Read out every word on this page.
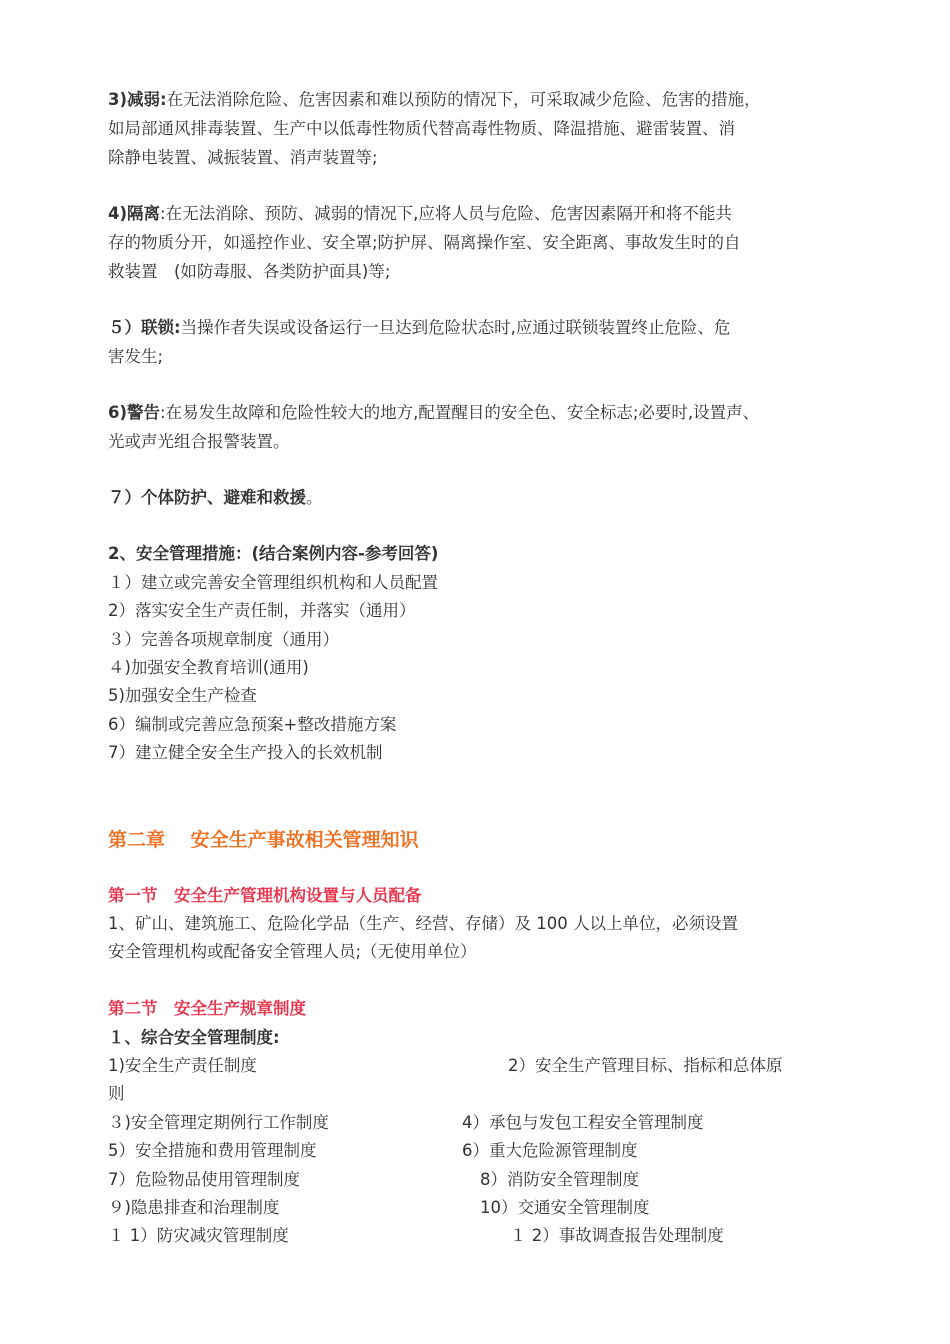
3)减弱:在无法消除危险、危害因素和难以预防的情况下，可采取减少危险、危害的措施，
如局部通风排毒装置、生产中以低毒性物质代替高毒性物质、降温措施、避雷装置、消
除静电装置、减振装置、消声装置等;
4)隔离:在无法消除、预防、减弱的情况下,应将人员与危险、危害因素隔开和将不能共
存的物质分开，如遥控作业、安全罩;防护屏、隔离操作室、安全距离、事故发生时的自
救装置　(如防毒服、各类防护面具)等;
５）联锁:当操作者失误或设备运行一旦达到危险状态时,应通过联锁装置终止危险、危
害发生;
6)警告:在易发生故障和危险性较大的地方,配置醒目的安全色、安全标志;必要时,设置声、
光或声光组合报警装置。
７）个体防护、避难和救援。
2、安全管理措施：(结合案例内容-参考回答)
１）建立或完善安全管理组织机构和人员配置
2）落实安全生产责任制，并落实（通用）
３）完善各项规章制度（通用）
４)加强安全教育培训(通用)
5)加强安全生产检查
6）编制或完善应急预案+整改措施方案
7）建立健全安全生产投入的长效机制
第二章　 安全生产事故相关管理知识
第一节　安全生产管理机构设置与人员配备
1、矿山、建筑施工、危险化学品（生产、经营、存储）及 100 人以上单位，必须设置
安全管理机构或配备安全管理人员;（无使用单位）
第二节　安全生产规章制度
１、综合安全管理制度:
1)安全生产责任制度	2）安全生产管理目标、指标和总体原
则
３)安全管理定期例行工作制度	4）承包与发包工程安全管理制度
5）安全措施和费用管理制度	6）重大危险源管理制度
7）危险物品使用管理制度	8）消防安全管理制度
９)隐患排查和治理制度	10）交通安全管理制度
１ 1）防灾减灾管理制度	１ 2）事故调查报告处理制度
